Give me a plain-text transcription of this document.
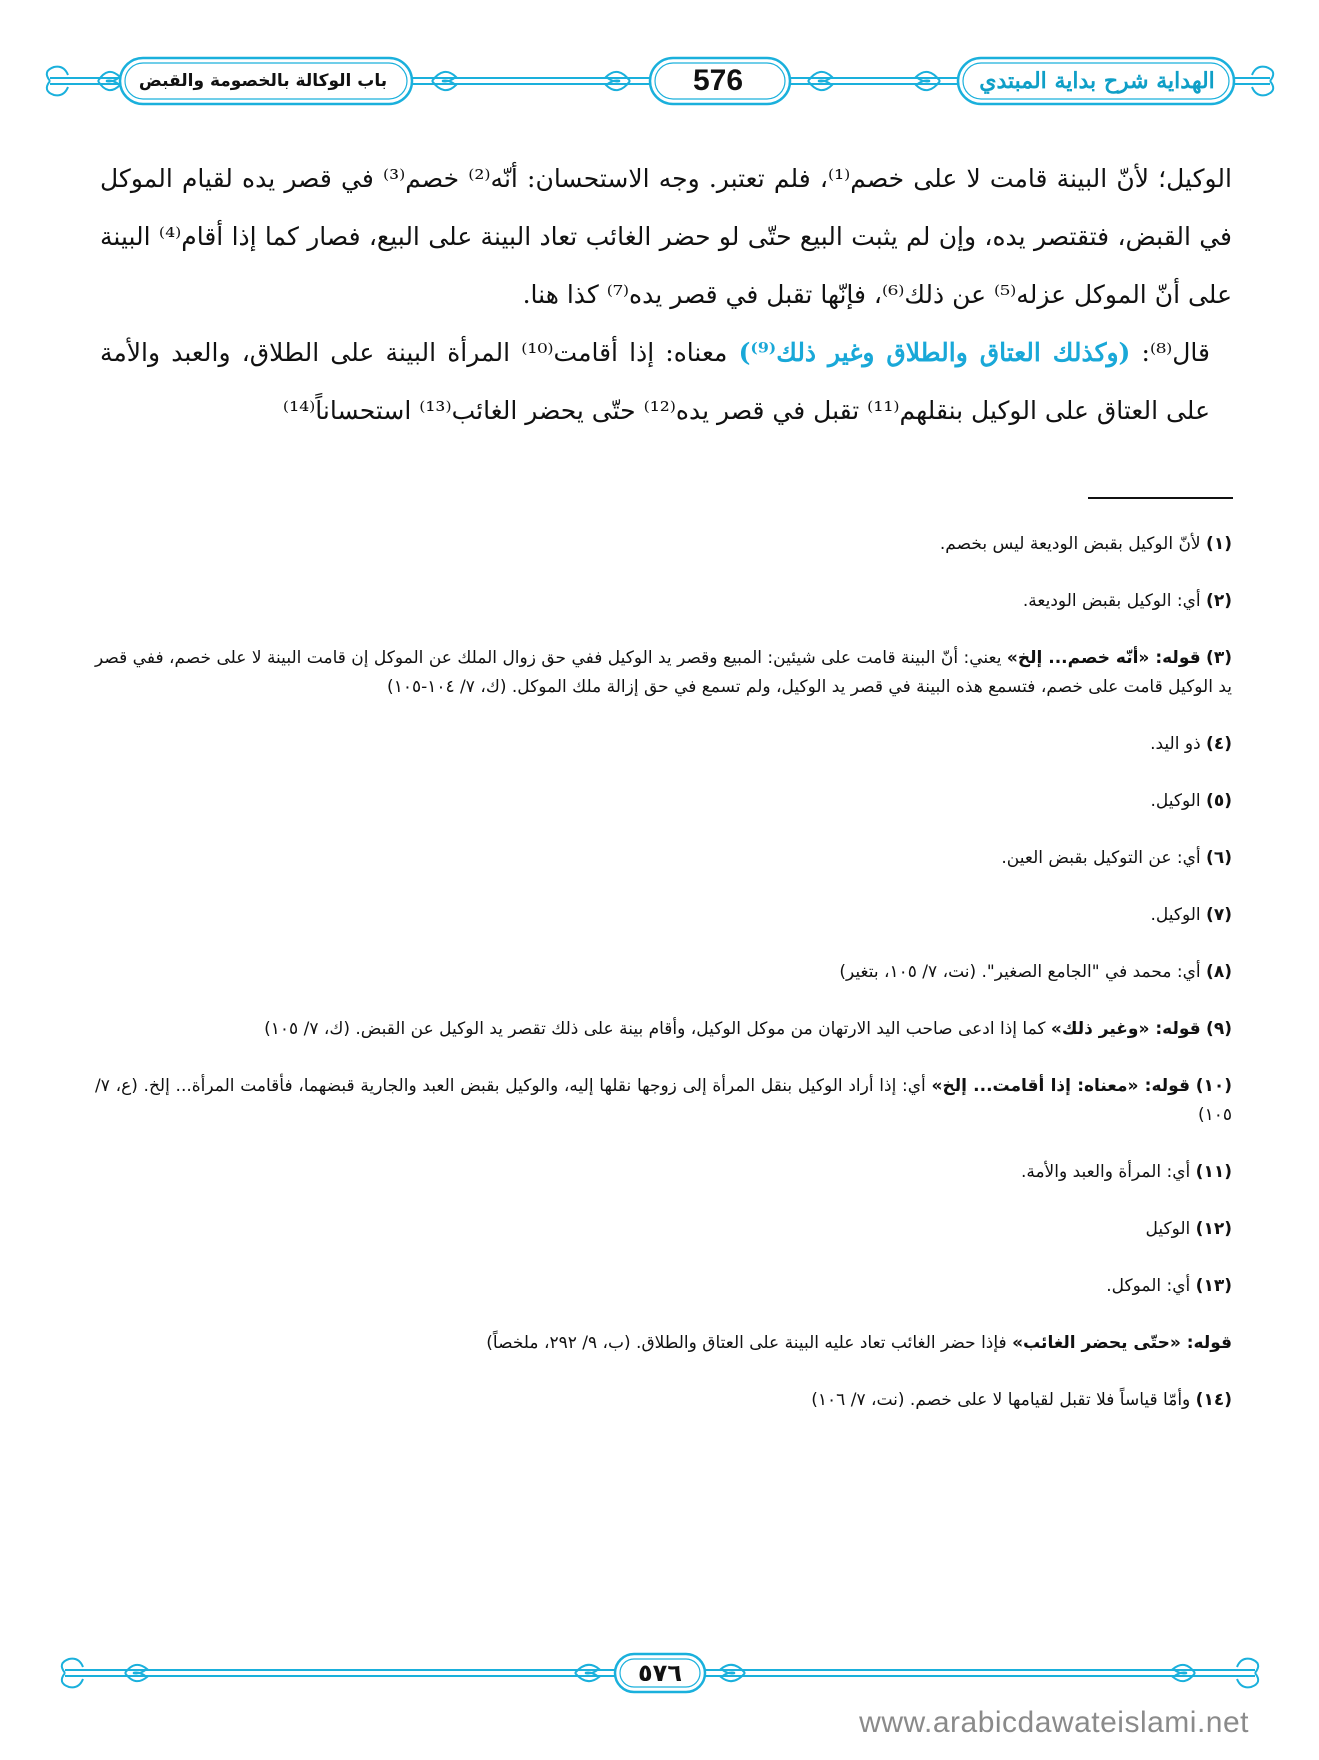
الهداية شرح بداية المبتدي
576
باب الوكالة بالخصومة والقبض

الوكيل؛ لأنّ البينة قامت لا على خصم⁽¹⁾، فلم تعتبر. وجه الاستحسان: أنّه⁽²⁾ خصم⁽³⁾ في قصر يده لقيام الموكل في القبض، فتقتصر يده، وإن لم يثبت البيع حتّى لو حضر الغائب تعاد البينة على البيع، فصار كما إذا أقام⁽⁴⁾ البينة على أنّ الموكل عزله⁽⁵⁾ عن ذلك⁽⁶⁾، فإنّها تقبل في قصر يده⁽⁷⁾ كذا هنا.

قال⁽⁸⁾: (وكذلك العتاق والطلاق وغير ذلك⁽⁹⁾) معناه: إذا أقامت⁽¹⁰⁾ المرأة البينة على الطلاق، والعبد والأمة على العتاق على الوكيل بنقلهم⁽¹¹⁾ تقبل في قصر يده⁽¹²⁾ حتّى يحضر الغائب⁽¹³⁾ استحساناً⁽¹⁴⁾

(١) لأنّ الوكيل بقبض الوديعة ليس بخصم.

(٢) أي: الوكيل بقبض الوديعة.

(٣) قوله: «أنّه خصم... إلخ» يعني: أنّ البينة قامت على شيئين: المبيع وقصر يد الوكيل ففي حق زوال الملك عن الموكل إن قامت البينة لا على خصم، ففي قصر يد الوكيل قامت على خصم، فتسمع هذه البينة في قصر يد الوكيل، ولم تسمع في حق إزالة ملك الموكل. (ك، ٧/ ١٠٤-١٠٥)

(٤) ذو اليد.

(٥) الوكيل.

(٦) أي: عن التوكيل بقبض العين.

(٧) الوكيل.

(٨) أي: محمد في "الجامع الصغير". (نت، ٧/ ١٠٥، بتغير)

(٩) قوله: «وغير ذلك» كما إذا ادعى صاحب اليد الارتهان من موكل الوكيل، وأقام بينة على ذلك تقصر يد الوكيل عن القبض. (ك، ٧/ ١٠٥)

(١٠) قوله: «معناه: إذا أقامت... إلخ» أي: إذا أراد الوكيل بنقل المرأة إلى زوجها نقلها إليه، والوكيل بقبض العبد والجارية قبضهما، فأقامت المرأة... إلخ. (ع، ٧/ ١٠٥)

(١١) أي: المرأة والعبد والأمة.

(١٢) الوكيل

(١٣) أي: الموكل.

قوله: «حتّى يحضر الغائب» فإذا حضر الغائب تعاد عليه البينة على العتاق والطلاق. (ب، ٩/ ٢٩٢، ملخصاً)

(١٤) وأمّا قياساً فلا تقبل لقيامها لا على خصم. (نت، ٧/ ١٠٦)

٥٧٦
www.arabicdawateislami.net
